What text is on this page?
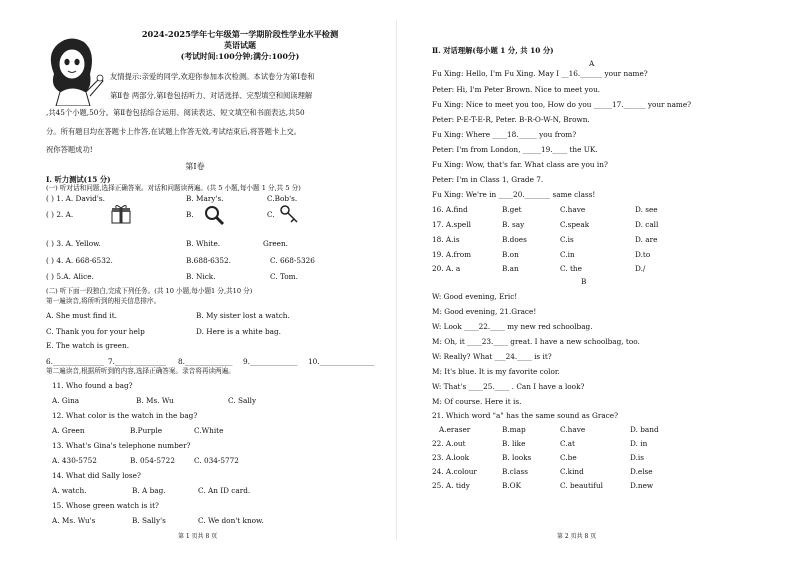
2024-2025学年七年级第一学期阶段性学业水平检测
英语试题
(考试时间:100分钟;满分:100分)
友情提示:亲爱的同学,欢迎你参加本次检测。本试卷分为第Ⅰ卷和
第Ⅱ卷 两部分,第Ⅰ卷包括听力、对话选择、完型填空和阅读理解
,共45个小题,50分。第Ⅱ卷包括综合运用、阅读表达、短文填空和书面表达,共50
分。所有题目均在答题卡上作答,在试题上作答无效,考试结束后,将答题卡上交。
祝你答题成功!
第Ⅰ卷
Ⅰ. 听力测试(15 分)
(一) 听对话和问题,选择正确答案。对话和问题读两遍。(共 5 小题,每小题 1 分,共 5 分)
( ) 1. A. David's.	B. Mary's.	C.Bob's.
( ) 2. A.	B.	C.
( ) 3. A. Yellow.	B. White.	Green.
( ) 4. A. 668-6532.	B.688-6352.	C. 668-5326
( ) 5.A. Alice.	B. Nick.	C. Tom.
(二) 听下面一段独白,完成下列任务。(共 10 小题,每小题1 分,共10 分)
第一遍读音,将所听到的相关信息排序。
A. She must find it.	B. My sister lost a watch.
C. Thank you for your help	D. Here is a white bag.
E. The watch is green.
6.______________ 7.______________ 8._____________ 9._____________ 10._______________
第二遍读音,根据所听到的内容,选择正确答案。录音将再读两遍。
11. Who found a bag?
A. Gina	B. Ms. Wu	C. Sally
12. What color is the watch in the bag?
A. Green	B.Purple	C.White
13. What's Gina's telephone number?
A. 430-5752	B. 054-5722	C. 034-5772
14. What did Sally lose?
A. watch.	B. A bag.	C. An ID card.
15. Whose green watch is it?
A. Ms. Wu's	B. Sally's	C. We don't know.
第 1 页共 8 页
Ⅱ. 对话理解(每小题 1 分, 共 10 分)
A
Fu Xing: Hello, I'm Fu Xing. May I __16.______ your name?
Peter: Hi, I'm Peter Brown. Nice to meet you.
Fu Xing: Nice to meet you too, How do you _____17.______ your name?
Peter: P-E-T-E-R, Peter. B-R-O-W-N, Brown.
Fu Xing: Where ____18._____ you from?
Peter: I'm from London, _____19.____ the UK.
Fu Xing: Wow, that's far. What class are you in?
Peter: I'm in Class 1, Grade 7.
Fu Xing: We're in ____20._______ same class!
16. A.find	B.get	C.have	D. see
17. A.spell	B. say	C.speak	D. call
18. A.is	B.does	C.is	D. are
19. A.from	B.on	C.in	D.to
20. A. a	B.an	C. the	D./
B
W: Good evening, Eric!
M: Good evening, 21.Grace!
W: Look ____22.____ my new red schoolbag.
M: Oh, it ____23.____ great. I have a new schoolbag, too.
W: Really? What ___24.____ is it?
M: It's blue. It is my favorite color.
W: That's ____25.____ . Can I have a look?
M: Of course. Here it is.
21. Which word "a" has the same sound as Grace?
A.eraser	B.map	C.have	D. band
22. A.out	B. like	C.at	D. in
23. A.look	B. looks	C.be	D.is
24. A.colour	B.class	C.kind	D.else
25. A. tidy	B.OK	C. beautiful	D.new
第 2 页共 8 页
